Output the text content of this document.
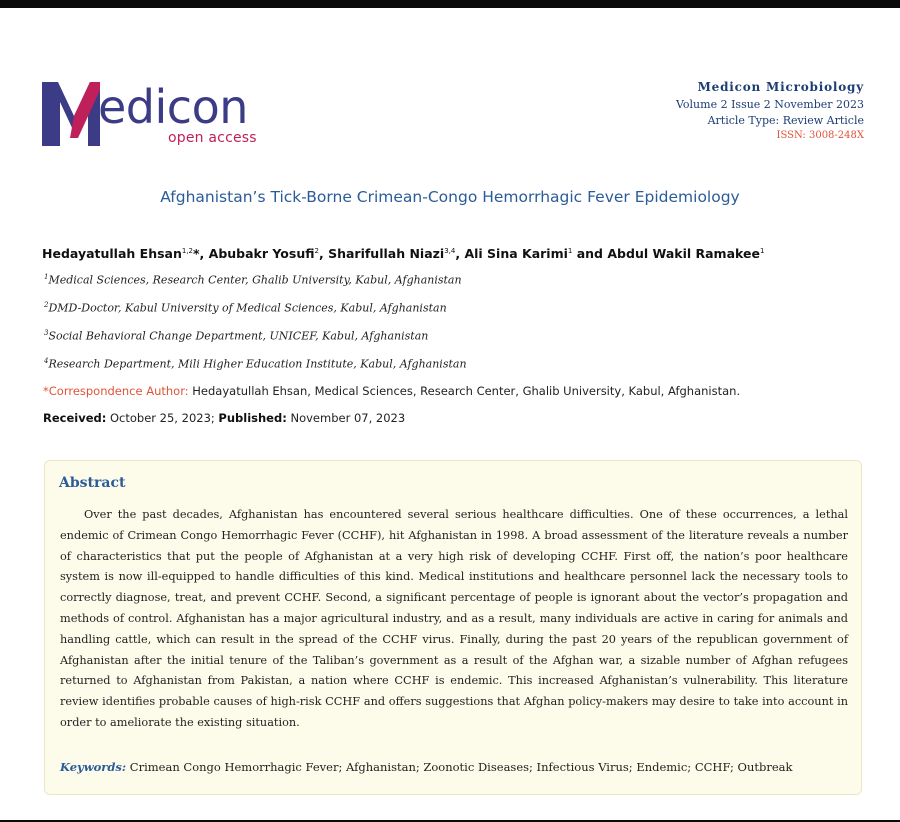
edicon
open access
Medicon Microbiology
Volume 2 Issue 2 November 2023
Article Type: Review Article
ISSN: 3008-248X
Afghanistan’s Tick-Borne Crimean-Congo Hemorrhagic Fever Epidemiology
Hedayatullah Ehsan$^{1,2}$*, Abubakr Yosufi$^2$, Sharifullah Niazi$^{3,4}$, Ali Sina Karimi$^1$ and Abdul Wakil Ramakee$^1$
$^1$Medical Sciences, Research Center, Ghalib University, Kabul, Afghanistan
$^2$DMD-Doctor, Kabul University of Medical Sciences, Kabul, Afghanistan
$^3$Social Behavioral Change Department, UNICEF, Kabul, Afghanistan
$^4$Research Department, Mili Higher Education Institute, Kabul, Afghanistan
*Correspondence Author: Hedayatullah Ehsan, Medical Sciences, Research Center, Ghalib University, Kabul, Afghanistan.
Received: October 25, 2023; Published: November 07, 2023
Abstract
Over the past decades, Afghanistan has encountered several serious healthcare difficulties. One of these occurrences, a lethal endemic of Crimean Congo Hemorrhagic Fever (CCHF), hit Afghanistan in 1998. A broad assessment of the literature reveals a number of characteristics that put the people of Afghanistan at a very high risk of developing CCHF. First off, the nation’s poor healthcare system is now ill-equipped to handle difficulties of this kind. Medical institutions and healthcare personnel lack the necessary tools to correctly diagnose, treat, and prevent CCHF. Second, a significant percentage of people is ignorant about the vector’s propagation and methods of control. Afghanistan has a major agricultural industry, and as a result, many individuals are active in caring for animals and handling cattle, which can result in the spread of the CCHF virus. Finally, during the past 20 years of the republican government of Afghanistan after the initial tenure of the Taliban’s government as a result of the Afghan war, a sizable number of Afghan refugees returned to Afghanistan from Pakistan, a nation where CCHF is endemic. This increased Afghanistan’s vulnerability. This literature review identifies probable causes of high-risk CCHF and offers suggestions that Afghan policy-makers may desire to take into account in order to ameliorate the existing situation.
Keywords: Crimean Congo Hemorrhagic Fever; Afghanistan; Zoonotic Diseases; Infectious Virus; Endemic; CCHF; Outbreak
